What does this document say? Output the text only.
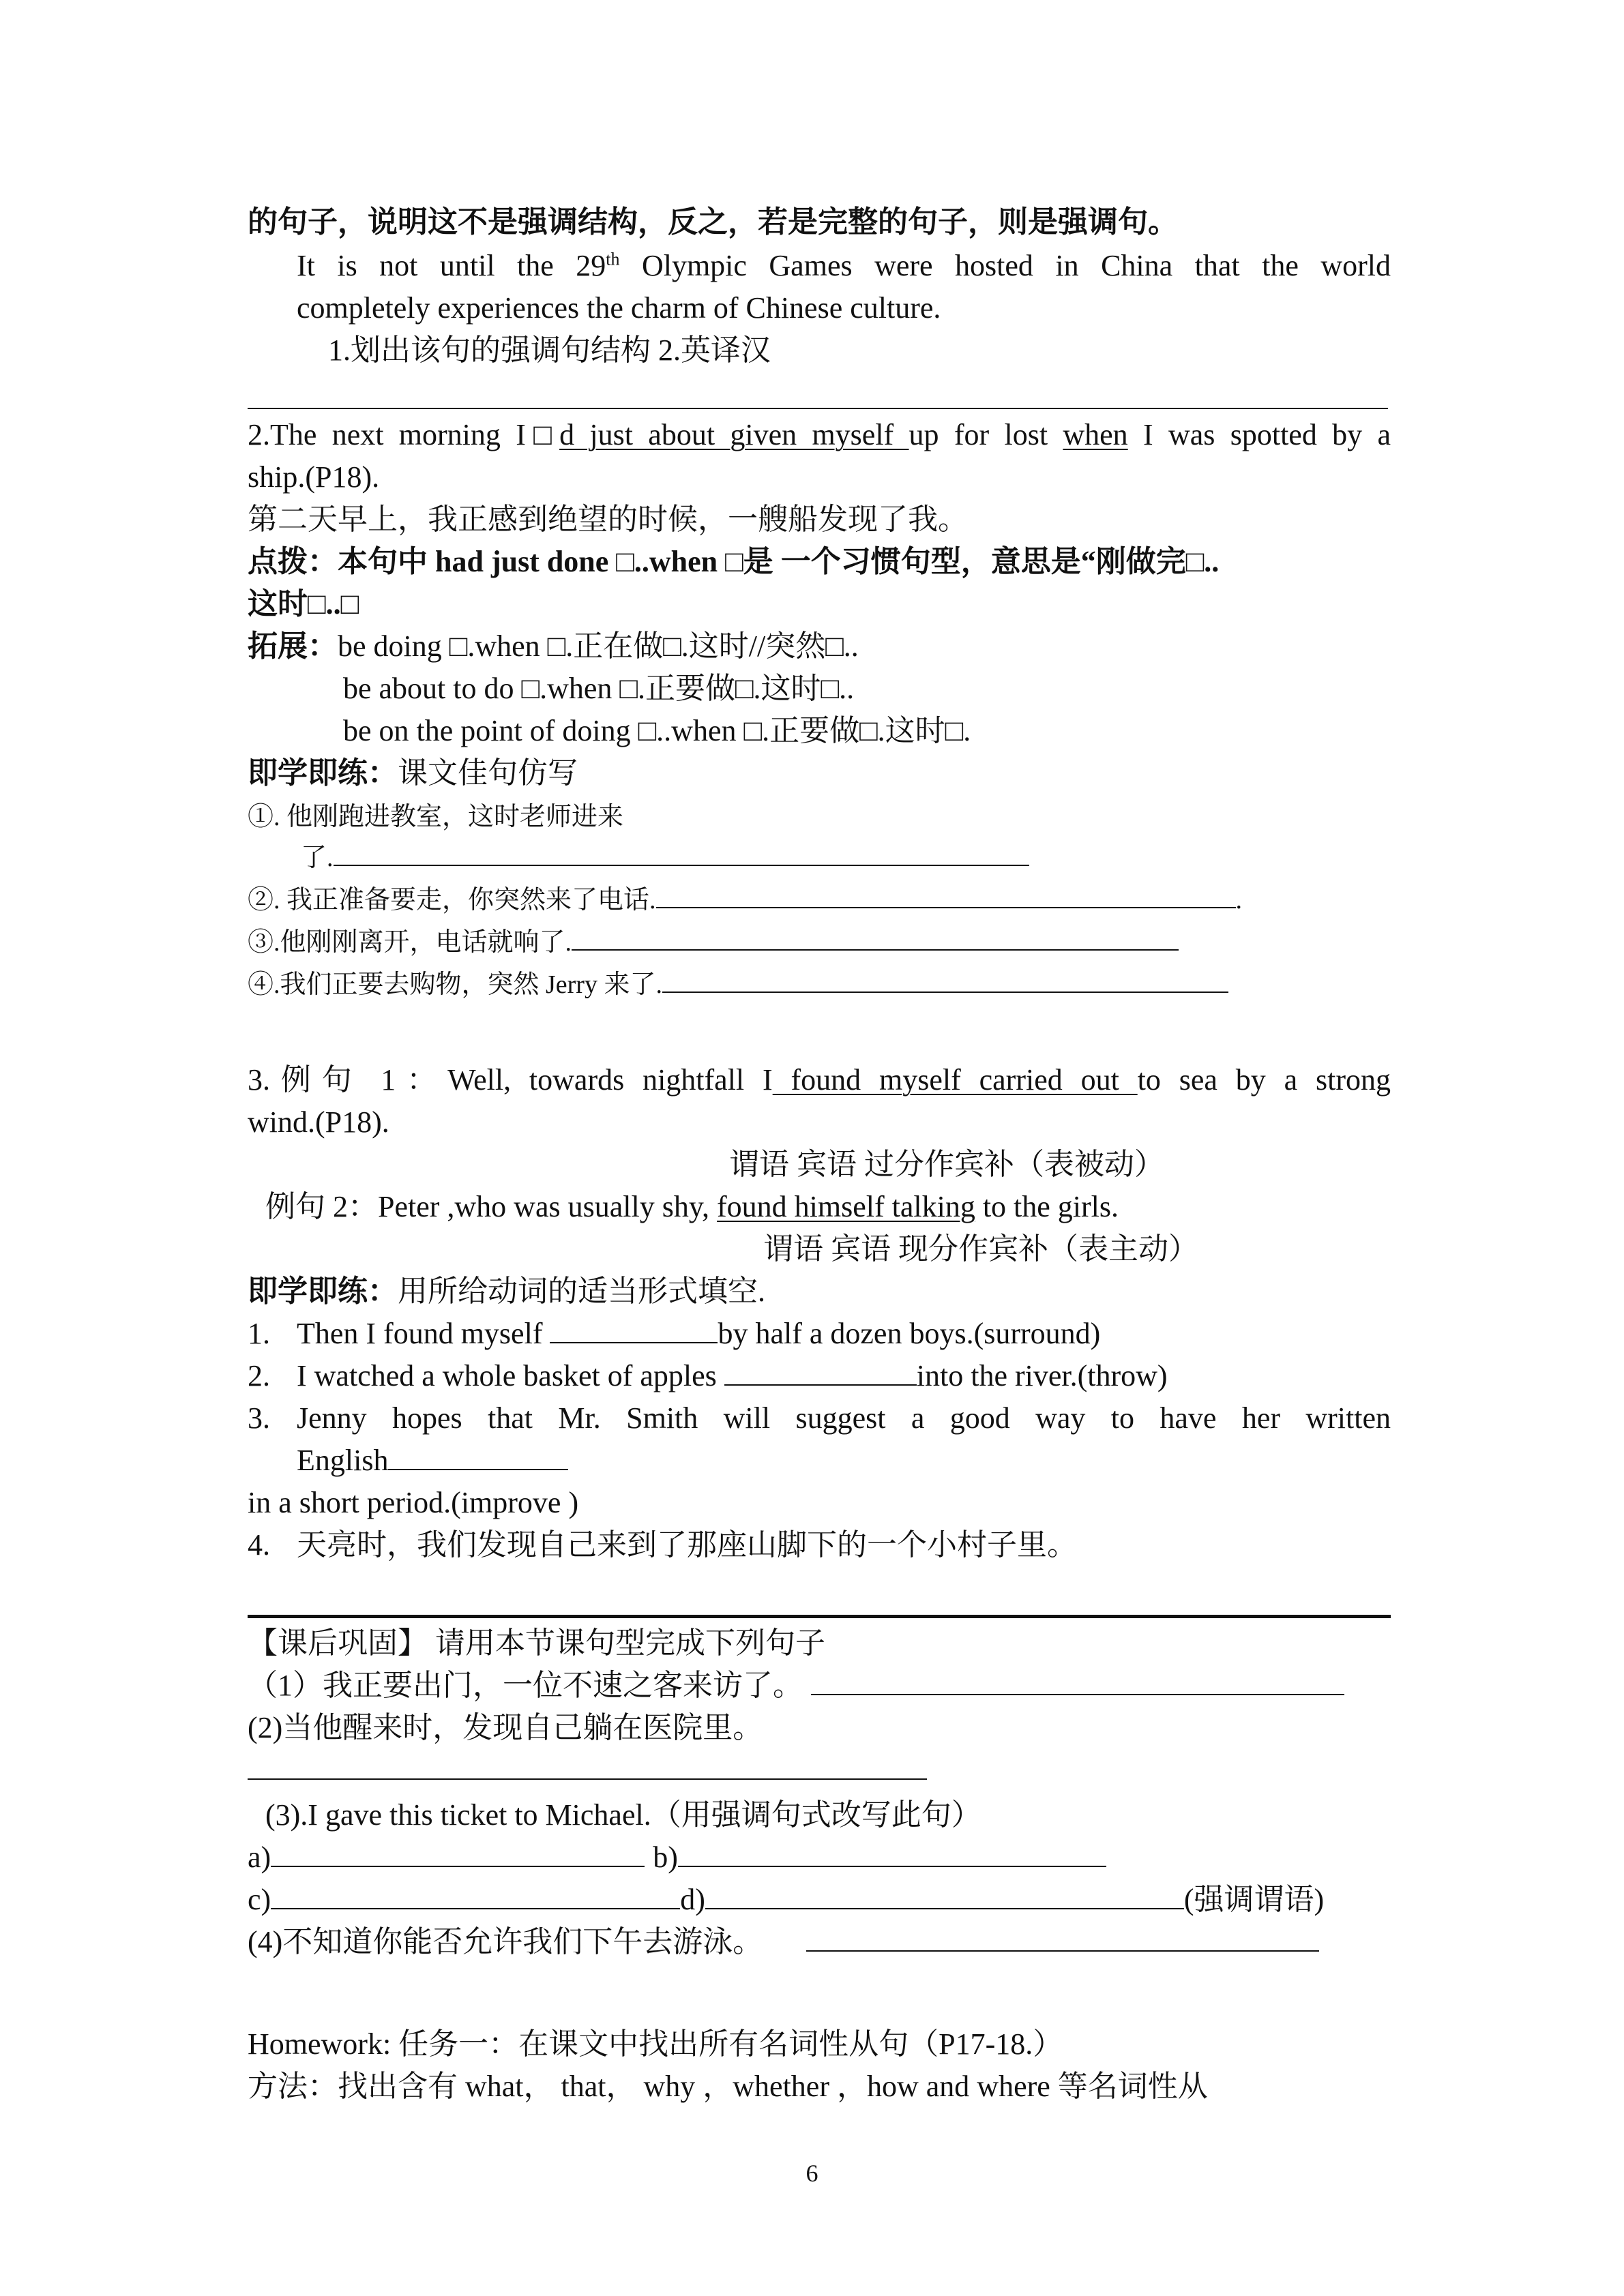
的句子，说明这不是强调结构，反之，若是完整的句子，则是强调句。
It is not until the 29th Olympic Games were hosted in China that the world
completely experiences the charm of Chinese culture.
1.划出该句的强调句结构 2.英译汉
2.The next morning I□d just about given myself up for lost when I was spotted by a
ship.(P18).
第二天早上，我正感到绝望的时候，一艘船发现了我。
点拨：本句中 had just done □..when □是 一个习惯句型，意思是“刚做完□..
这时□..□
拓展：be doing □.when □.正在做□.这时//突然□..
be about to do □.when □.正要做□.这时□..
be on the point of doing □..when □.正要做□.这时□.
即学即练：课文佳句仿写
①. 他刚跑进教室，这时老师进来
了.
②. 我正准备要走，你突然来了电话.	.
③.他刚刚离开，电话就响了.
④.我们正要去购物，突然 Jerry 来了.
3.例句 1：Well, towards nightfall I found myself carried out to sea by a strong
wind.(P18).
谓语 宾语 过分作宾补（表被动）
例句 2：Peter ,who was usually shy, found himself talking to the girls.
谓语 宾语 现分作宾补（表主动）
即学即练：用所给动词的适当形式填空.
1. Then I found myself	by half a dozen boys.(surround)
2. I watched a whole basket of apples	into the river.(throw)
3. Jenny hopes that Mr. Smith will suggest a good way to have her written
English
in a short period.(improve )
4. 天亮时，我们发现自己来到了那座山脚下的一个小村子里。
【课后巩固】 请用本节课句型完成下列句子
（1）我正要出门，一位不速之客来访了。
(2)当他醒来时，发现自己躺在医院里。
(3).I gave this ticket to Michael.（用强调句式改写此句）
a)	b)
c)	d)	(强调谓语)
(4)不知道你能否允许我们下午去游泳。
Homework: 任务一：在课文中找出所有名词性从句（P17-18.）
方法：找出含有 what， that， why ，whether ，how and where 等名词性从
6
